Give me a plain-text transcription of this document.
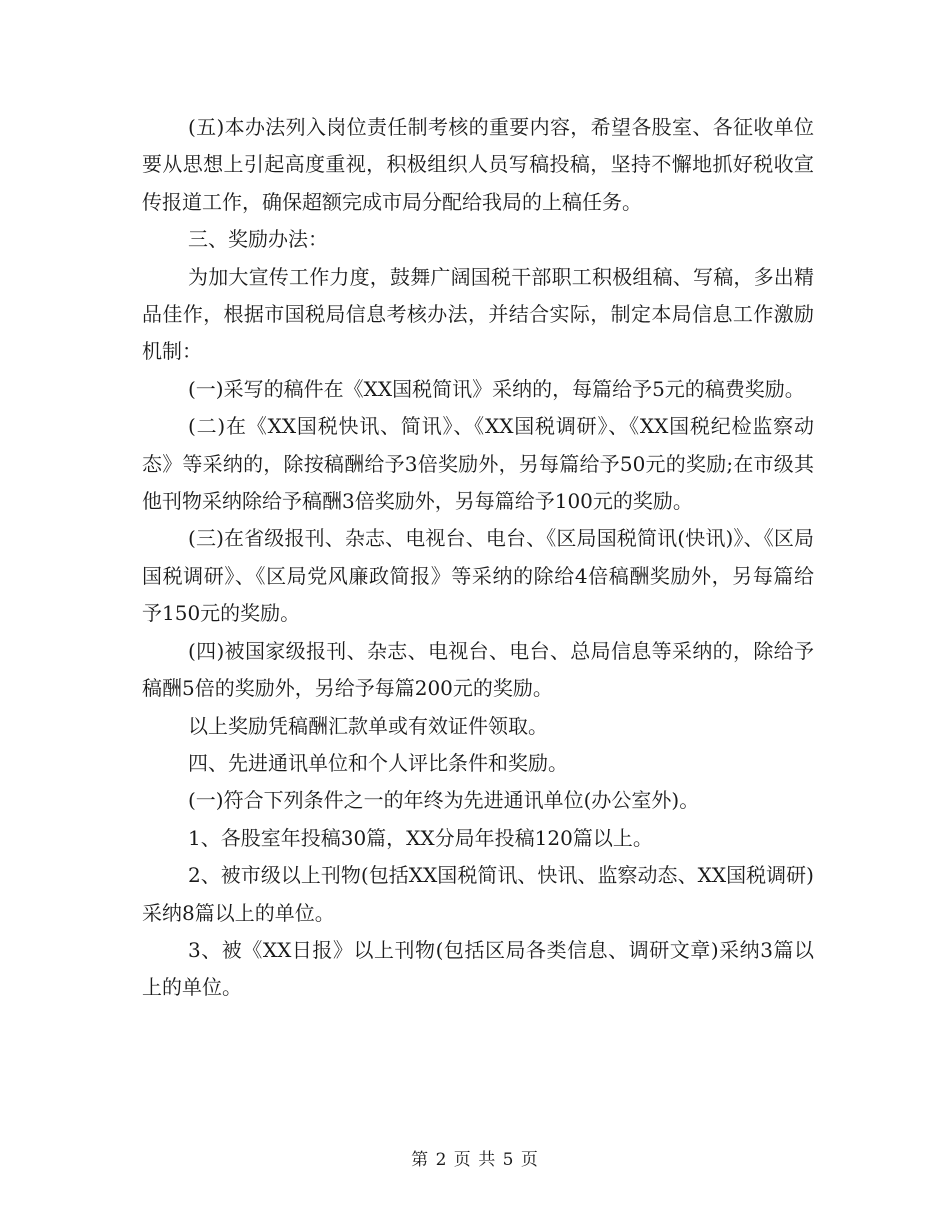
(五)本办法列入岗位责任制考核的重要内容，希望各股室、各征收单位要从思想上引起高度重视，积极组织人员写稿投稿，坚持不懈地抓好税收宣传报道工作，确保超额完成市局分配给我局的上稿任务。

三、奖励办法：

为加大宣传工作力度，鼓舞广阔国税干部职工积极组稿、写稿，多出精品佳作，根据市国税局信息考核办法，并结合实际，制定本局信息工作激励机制：

(一)采写的稿件在《XX国税简讯》采纳的，每篇给予5元的稿费奖励。

(二)在《XX国税快讯、简讯》、《XX国税调研》、《XX国税纪检监察动态》等采纳的，除按稿酬给予3倍奖励外，另每篇给予50元的奖励;在市级其他刊物采纳除给予稿酬3倍奖励外，另每篇给予100元的奖励。

(三)在省级报刊、杂志、电视台、电台、《区局国税简讯(快讯)》、《区局国税调研》、《区局党风廉政简报》等采纳的除给4倍稿酬奖励外，另每篇给予150元的奖励。

(四)被国家级报刊、杂志、电视台、电台、总局信息等采纳的，除给予稿酬5倍的奖励外，另给予每篇200元的奖励。

以上奖励凭稿酬汇款单或有效证件领取。

四、先进通讯单位和个人评比条件和奖励。

(一)符合下列条件之一的年终为先进通讯单位(办公室外)。

1、各股室年投稿30篇，XX分局年投稿120篇以上。

2、被市级以上刊物(包括XX国税简讯、快讯、监察动态、XX国税调研)采纳8篇以上的单位。

3、被《XX日报》以上刊物(包括区局各类信息、调研文章)采纳3篇以上的单位。

第 2 页 共 5 页
